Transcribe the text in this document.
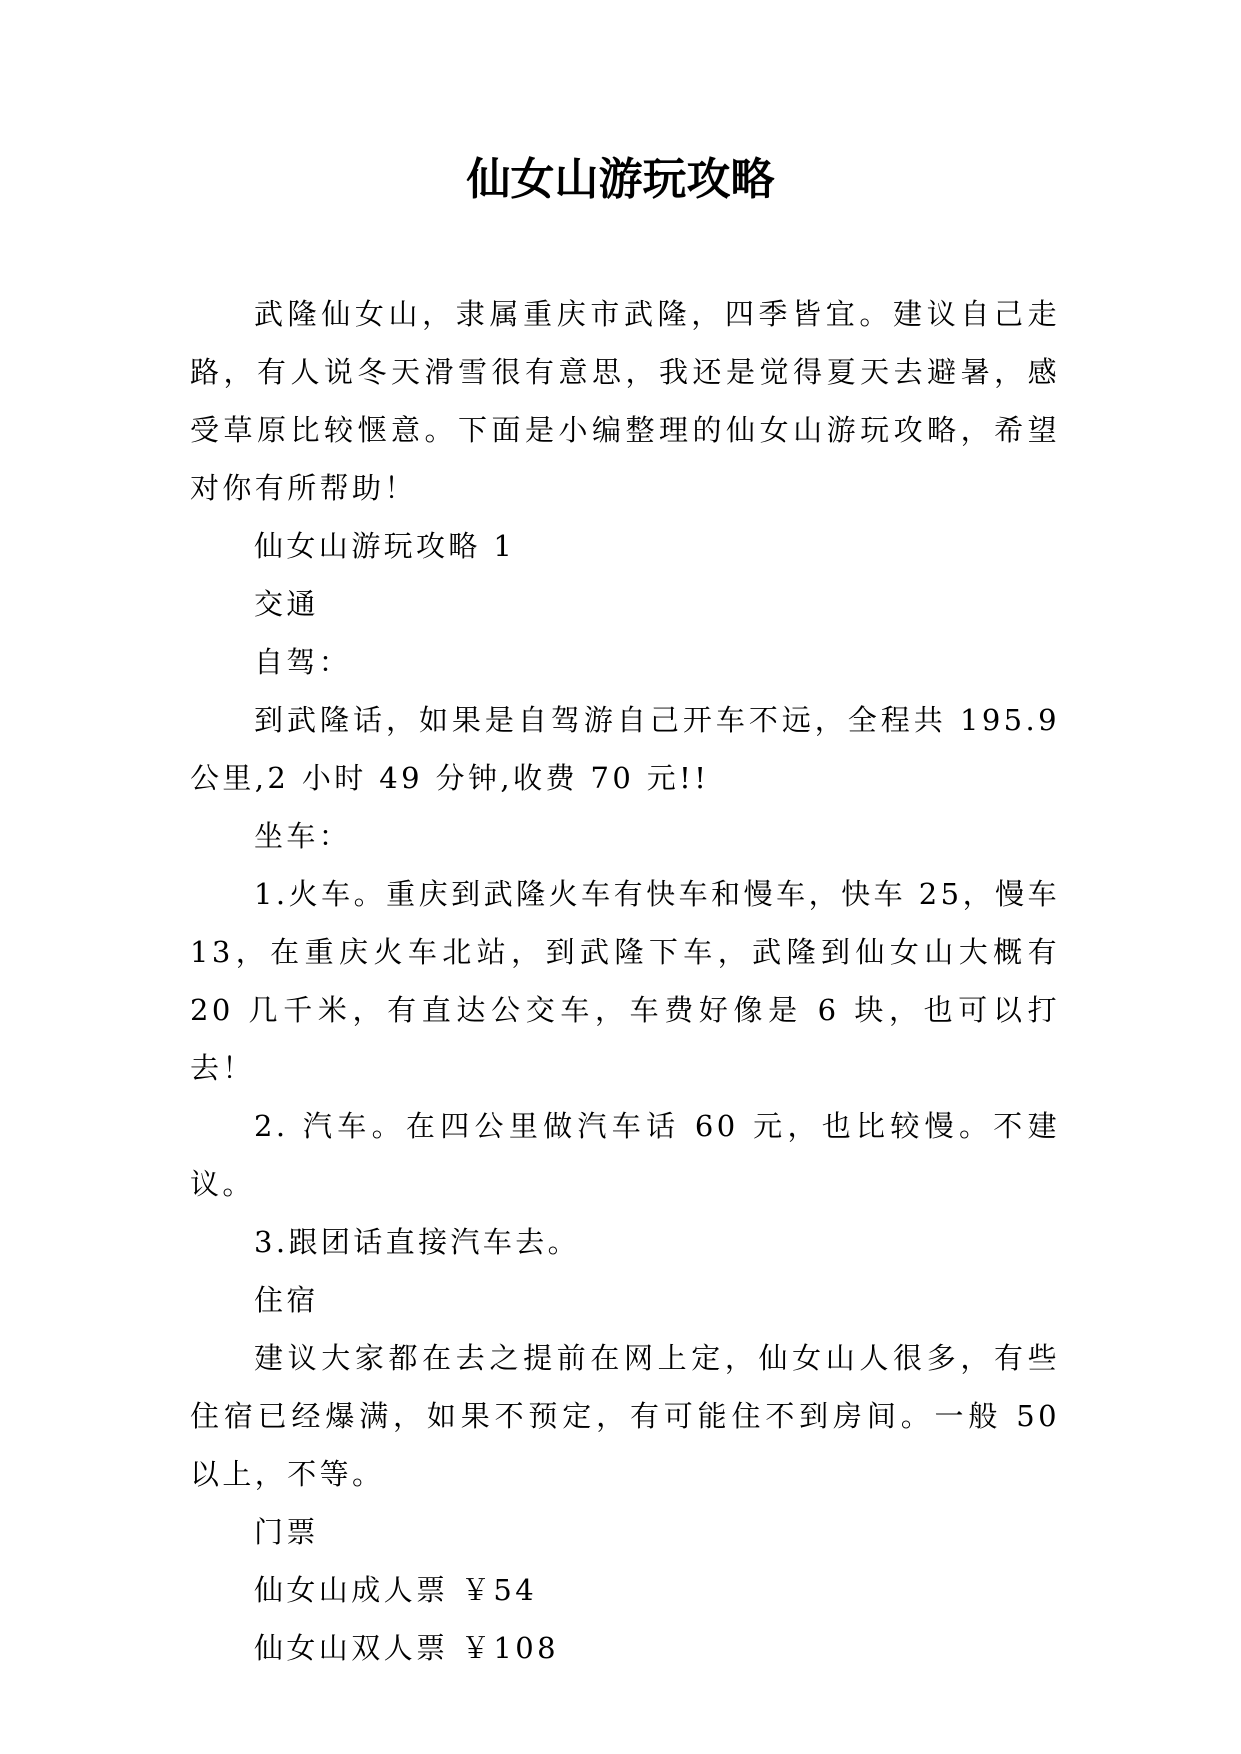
仙女山游玩攻略

武隆仙女山，隶属重庆市武隆，四季皆宜。建议自己走路，有人说冬天滑雪很有意思，我还是觉得夏天去避暑，感受草原比较惬意。下面是小编整理的仙女山游玩攻略，希望对你有所帮助！

仙女山游玩攻略 1

交通

自驾：

到武隆话，如果是自驾游自己开车不远，全程共 195.9 公里,2 小时 49 分钟,收费 70 元!!

坐车：

1.火车。重庆到武隆火车有快车和慢车，快车 25，慢车 13，在重庆火车北站，到武隆下车，武隆到仙女山大概有 20 几千米，有直达公交车，车费好像是 6 块，也可以打去！

2. 汽车。在四公里做汽车话 60 元，也比较慢。不建议。

3.跟团话直接汽车去。

住宿

建议大家都在去之提前在网上定，仙女山人很多，有些住宿已经爆满，如果不预定，有可能住不到房间。一般 50 以上，不等。

门票

仙女山成人票 ￥54

仙女山双人票 ￥108
